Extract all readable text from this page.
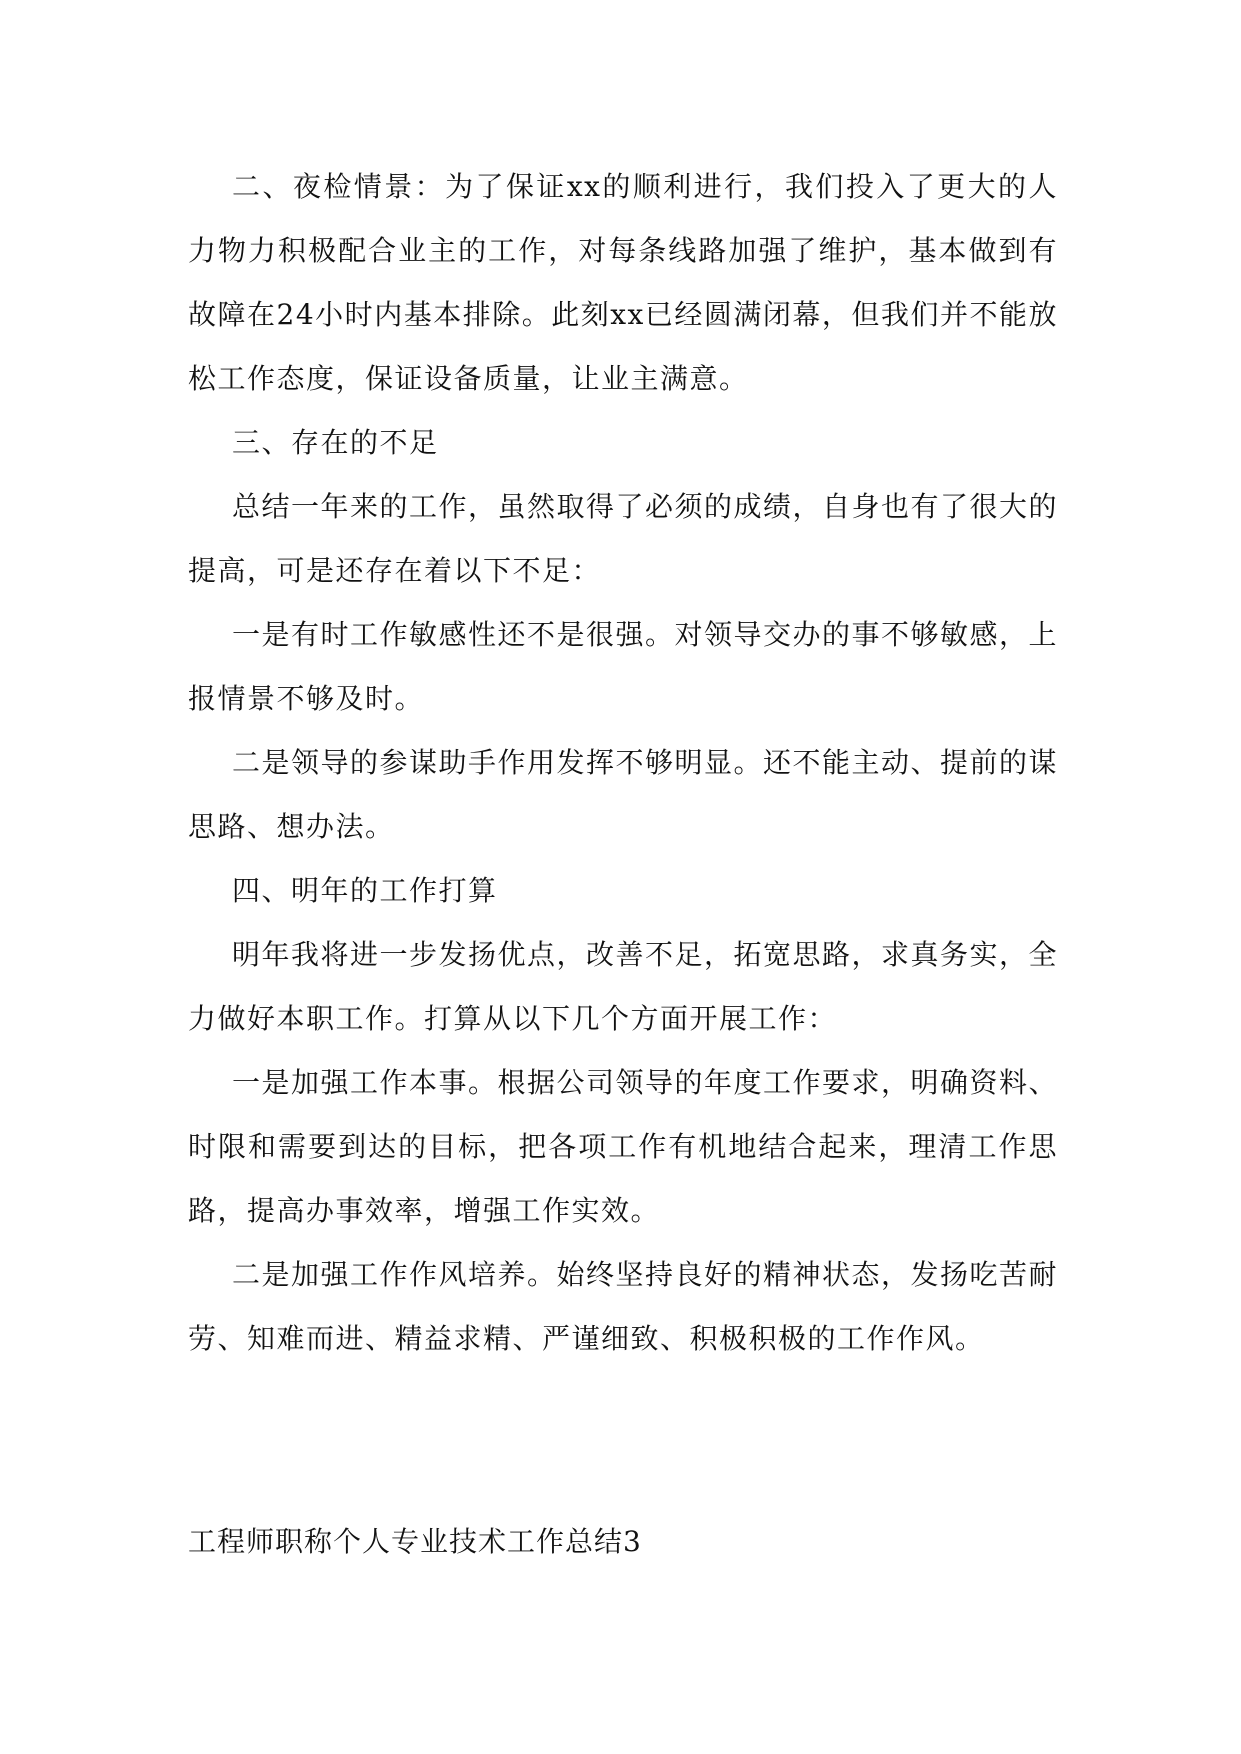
二、夜检情景：为了保证xx的顺利进行，我们投入了更大的人力物力积极配合业主的工作，对每条线路加强了维护，基本做到有故障在24小时内基本排除。此刻xx已经圆满闭幕，但我们并不能放松工作态度，保证设备质量，让业主满意。

三、存在的不足

总结一年来的工作，虽然取得了必须的成绩，自身也有了很大的提高，可是还存在着以下不足：

一是有时工作敏感性还不是很强。对领导交办的事不够敏感，上报情景不够及时。

二是领导的参谋助手作用发挥不够明显。还不能主动、提前的谋思路、想办法。

四、明年的工作打算

明年我将进一步发扬优点，改善不足，拓宽思路，求真务实，全力做好本职工作。打算从以下几个方面开展工作：

一是加强工作本事。根据公司领导的年度工作要求，明确资料、时限和需要到达的目标，把各项工作有机地结合起来，理清工作思路，提高办事效率，增强工作实效。

二是加强工作作风培养。始终坚持良好的精神状态，发扬吃苦耐劳、知难而进、精益求精、严谨细致、积极积极的工作作风。

工程师职称个人专业技术工作总结3
